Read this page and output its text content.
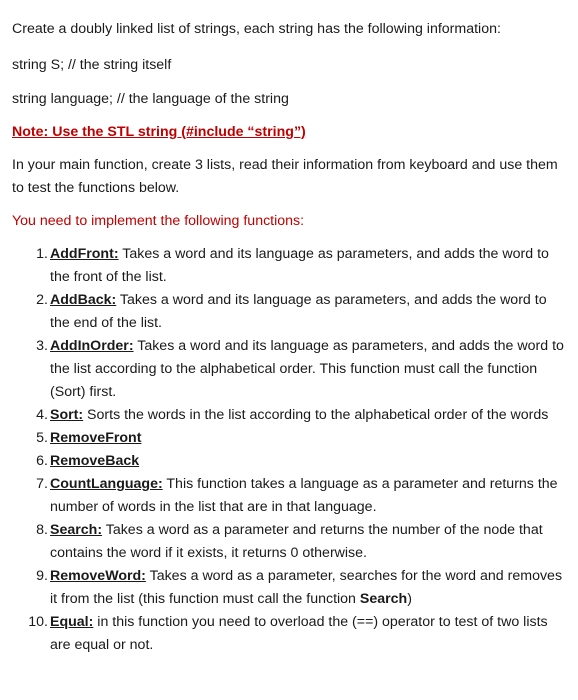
Create a doubly linked list of strings, each string has the following information:

string S; // the string itself

string language; // the language of the string

Note: Use the STL string (#include “string”)

In your main function, create 3 lists, read their information from keyboard and use them to test the functions below.

You need to implement the following functions:

1. AddFront: Takes a word and its language as parameters, and adds the word to the front of the list.
2. AddBack: Takes a word and its language as parameters, and adds the word to the end of the list.
3. AddInOrder: Takes a word and its language as parameters, and adds the word to the list according to the alphabetical order. This function must call the function (Sort) first.
4. Sort: Sorts the words in the list according to the alphabetical order of the words
5. RemoveFront
6. RemoveBack
7. CountLanguage: This function takes a language as a parameter and returns the number of words in the list that are in that language.
8. Search: Takes a word as a parameter and returns the number of the node that contains the word if it exists, it returns 0 otherwise.
9. RemoveWord: Takes a word as a parameter, searches for the word and removes it from the list (this function must call the function Search)
10. Equal: in this function you need to overload the (==) operator to test of two lists are equal or not.
